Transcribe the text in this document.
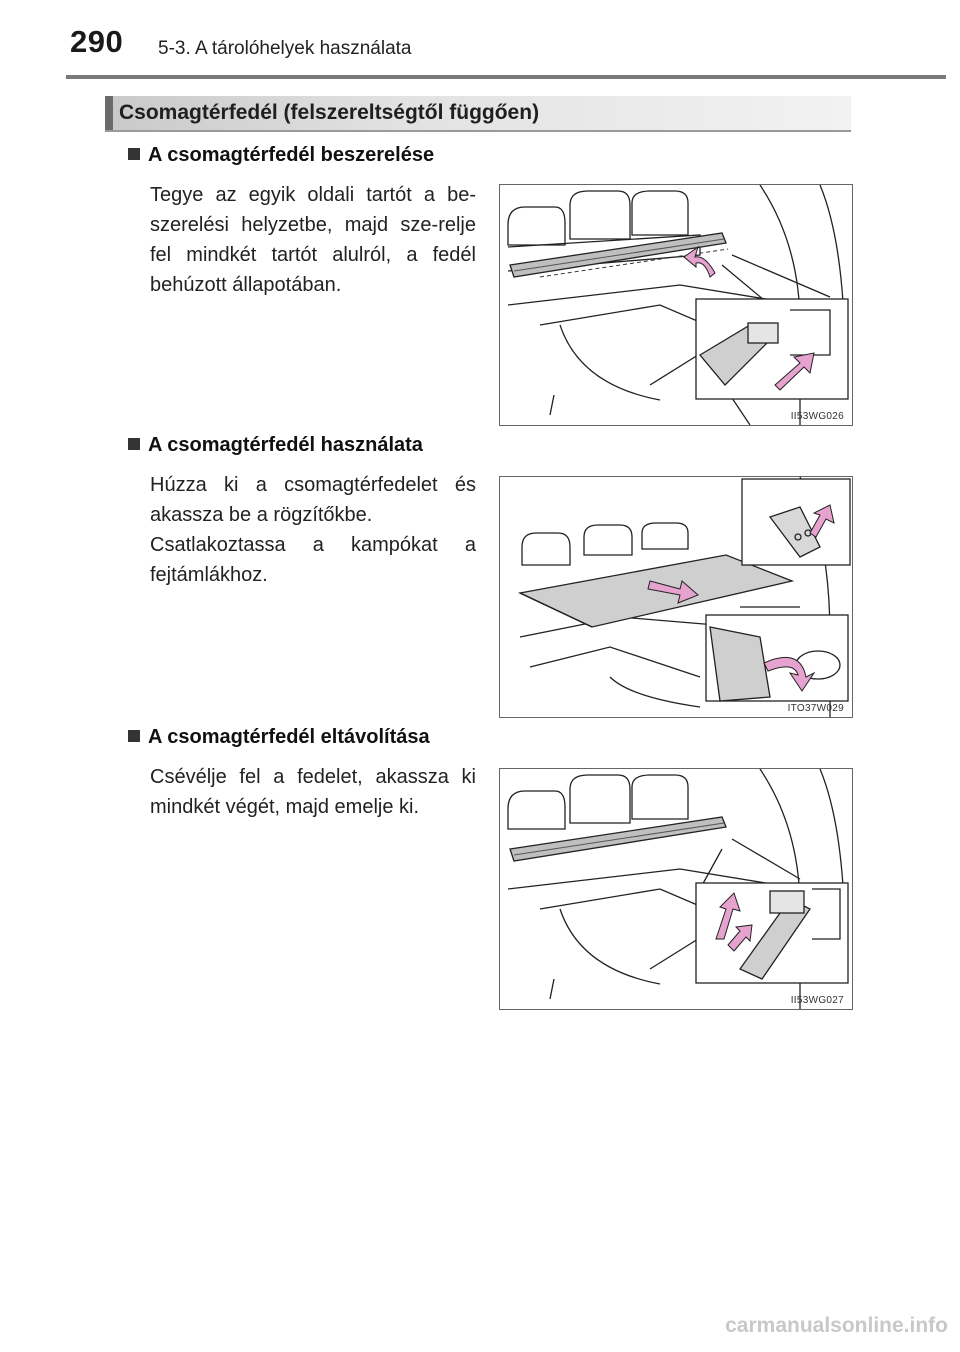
290 5-3. A tárolóhelyek használata
Csomagtérfedél (felszereltségtől függően)
A csomagtérfedél beszerelése
Tegye az egyik oldali tartót a be-szerelési helyzetbe, majd sze-relje fel mindkét tartót alulról, a fedél behúzott állapotában.
II53WG026
A csomagtérfedél használata
Húzza ki a csomagtérfedelet és akassza be a rögzítőkbe.
Csatlakoztassa a kampókat a fejtámlákhoz.
ITO37W029
A csomagtérfedél eltávolítása
Csévélje fel a fedelet, akassza ki mindkét végét, majd emelje ki.
II53WG027
carmanualsonline.info
